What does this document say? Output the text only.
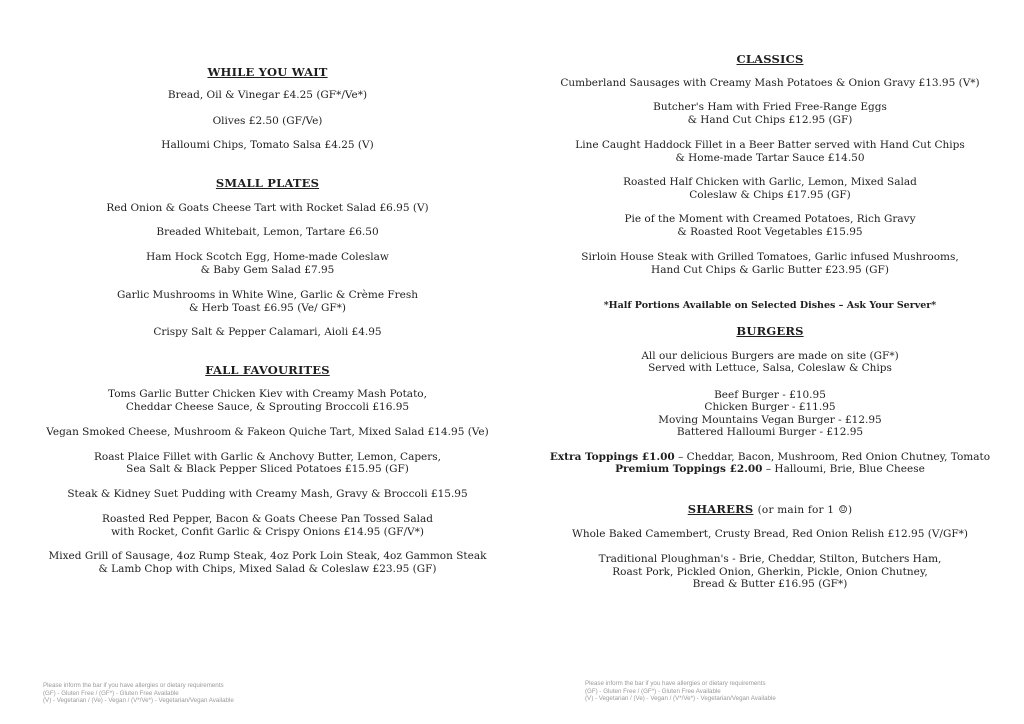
WHILE YOU WAIT
Bread, Oil & Vinegar £4.25 (GF*/Ve*)
Olives £2.50 (GF/Ve)
Halloumi Chips, Tomato Salsa £4.25 (V)
SMALL PLATES
Red Onion & Goats Cheese Tart with Rocket Salad £6.95 (V)
Breaded Whitebait, Lemon, Tartare £6.50
Ham Hock Scotch Egg, Home-made Coleslaw
& Baby Gem Salad £7.95
Garlic Mushrooms in White Wine, Garlic & Crème Fresh
& Herb Toast £6.95 (Ve/ GF*)
Crispy Salt & Pepper Calamari, Aioli £4.95
FALL FAVOURITES
Toms Garlic Butter Chicken Kiev with Creamy Mash Potato,
Cheddar Cheese Sauce, & Sprouting Broccoli £16.95
Vegan Smoked Cheese, Mushroom & Fakeon Quiche Tart, Mixed Salad £14.95 (Ve)
Roast Plaice Fillet with Garlic & Anchovy Butter, Lemon, Capers,
Sea Salt & Black Pepper Sliced Potatoes £15.95 (GF)
Steak & Kidney Suet Pudding with Creamy Mash, Gravy & Broccoli £15.95
Roasted Red Pepper, Bacon & Goats Cheese Pan Tossed Salad
with Rocket, Confit Garlic & Crispy Onions £14.95 (GF/V*)
Mixed Grill of Sausage, 4oz Rump Steak, 4oz Pork Loin Steak, 4oz Gammon Steak
& Lamb Chop with Chips, Mixed Salad & Coleslaw £23.95 (GF)
Please inform the bar if you have allergies or dietary requirements
(GF) - Gluten Free / (GF*) - Gluten Free Available
(V) - Vegetarian / (Ve) - Vegan / (V*/Ve*) - Vegetarian/Vegan Available
CLASSICS
Cumberland Sausages with Creamy Mash Potatoes & Onion Gravy £13.95 (V*)
Butcher's Ham with Fried Free-Range Eggs
& Hand Cut Chips £12.95 (GF)
Line Caught Haddock Fillet in a Beer Batter served with Hand Cut Chips
& Home-made Tartar Sauce £14.50
Roasted Half Chicken with Garlic, Lemon, Mixed Salad
Coleslaw & Chips £17.95 (GF)
Pie of the Moment with Creamed Potatoes, Rich Gravy
& Roasted Root Vegetables £15.95
Sirloin House Steak with Grilled Tomatoes, Garlic infused Mushrooms,
Hand Cut Chips & Garlic Butter £23.95 (GF)
*Half Portions Available on Selected Dishes – Ask Your Server*
BURGERS
All our delicious Burgers are made on site (GF*)
Served with Lettuce, Salsa, Coleslaw & Chips
Beef Burger - £10.95
Chicken Burger - £11.95
Moving Mountains Vegan Burger - £12.95
Battered Halloumi Burger - £12.95
Extra Toppings £1.00 – Cheddar, Bacon, Mushroom, Red Onion Chutney, Tomato
Premium Toppings £2.00 – Halloumi, Brie, Blue Cheese
SHARERS (or main for 1 ☺)
Whole Baked Camembert, Crusty Bread, Red Onion Relish £12.95 (V/GF*)
Traditional Ploughman's - Brie, Cheddar, Stilton, Butchers Ham,
Roast Pork, Pickled Onion, Gherkin, Pickle, Onion Chutney,
Bread & Butter £16.95 (GF*)
Please inform the bar if you have allergies or dietary requirements
(GF) - Gluten Free / (GF*) - Gluten Free Available
(V) - Vegetarian / (Ve) - Vegan / (V*/Ve*) - Vegetarian/Vegan Available
